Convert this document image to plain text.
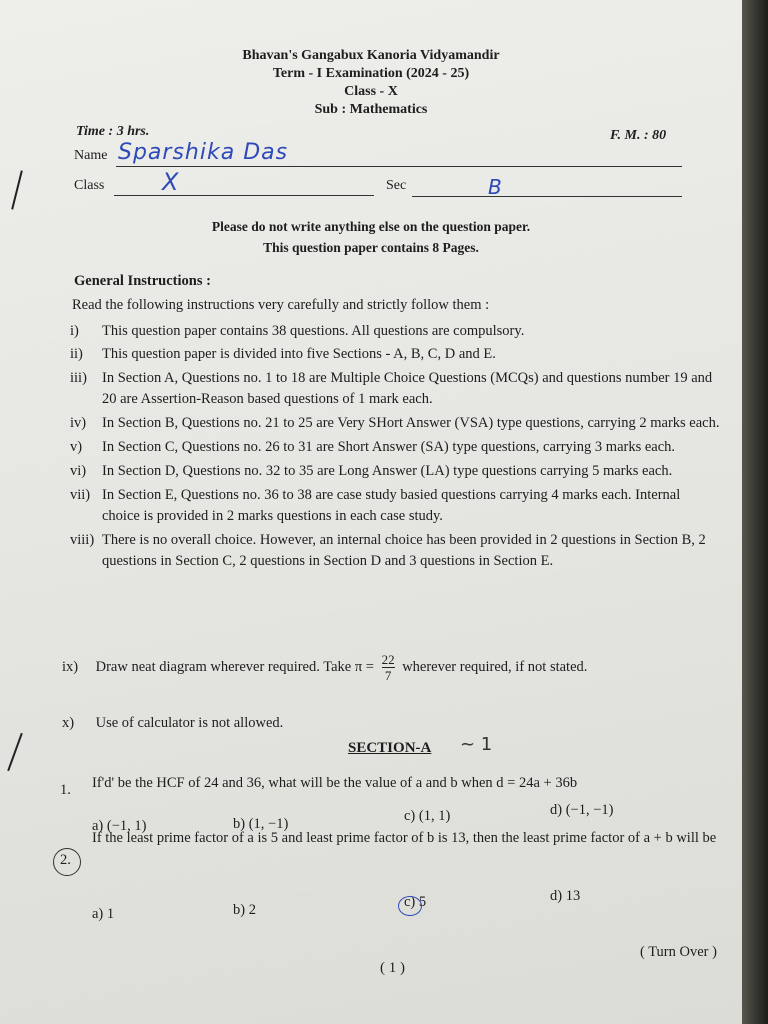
Bhavan's Gangabux Kanoria Vidyamandir
Term - I Examination (2024 - 25)
Class - X
Sub : Mathematics
Time : 3 hrs.	F. M. : 80
Name Sparshika Das
Class X	Sec	B
Please do not write anything else on the question paper.
This question paper contains 8 Pages.
General Instructions :
Read the following instructions very carefully and strictly follow them :
i)	This question paper contains 38 questions. All questions are compulsory.
ii)	This question paper is divided into five Sections - A, B, C, D and E.
iii)	In Section A, Questions no. 1 to 18 are Multiple Choice Questions (MCQs) and questions number 19 and 20 are Assertion-Reason based questions of 1 mark each.
iv)	In Section B, Questions no. 21 to 25 are Very SHort Answer (VSA) type questions, carrying 2 marks each.
v)	In Section C, Questions no. 26 to 31 are Short Answer (SA) type questions, carrying 3 marks each.
vi)	In Section D, Questions no. 32 to 35 are Long Answer (LA) type questions carrying 5 marks each.
vii) In Section E, Questions no. 36 to 38 are case study basied questions carrying 4 marks each. Internal choice is provided in 2 marks questions in each case study.
viii) There is no overall choice. However, an internal choice has been provided in 2 questions in Section B, 2 questions in Section C, 2 questions in Section D and 3 questions in Section E.
ix) Draw neat diagram wherever required. Take $\pi = \frac{22}{7}$ wherever required, if not stated.
x) Use of calculator is not allowed.
SECTION-A ~ 1
1. If'd' be the HCF of 24 and 36, what will be the value of a and b when d = 24a + 36b
a) (−1, 1)	b) (1, −1)	c) (1, 1)	d) (−1, −1)
2.
If the least prime factor of a is 5 and least prime factor of b is 13, then the least prime factor of a + b will be
a) 1	b) 2	c) 5	d) 13
( 1 )
( Turn Over )
